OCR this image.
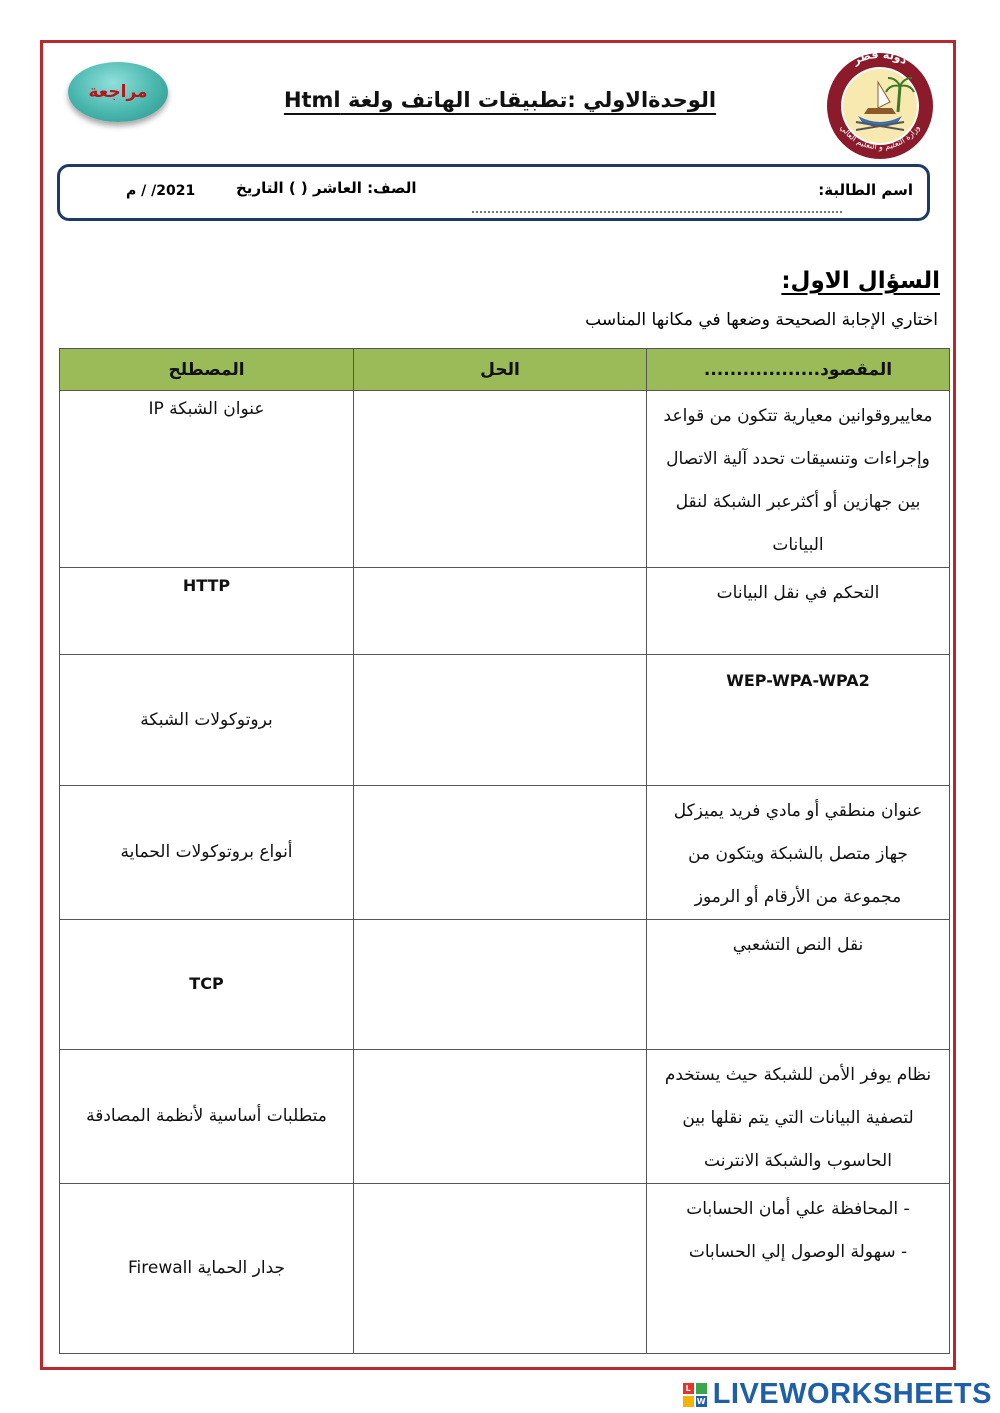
مراجعة	الوحدةالاولي :تطبيقات الهاتف ولغة Html
دولة قطر
وزارة التعليم و التعليم العالي
اسم الطالبة:
الصف: العاشر ( ) التاريخ
2021/ / م
السؤال الاول:
اختاري الإجابة الصحيحة وضعها في مكانها المناسب
المقصود..................	الحل	المصطلح
معاييروقوانين معيارية تتكون من قواعد وإجراءات وتنسيقات تحدد آلية الاتصال بين جهازين أو أكثرعبر الشبكة لنقل البيانات		عنوان الشبكة IP
التحكم في نقل البيانات		HTTP
WEP-WPA-WPA2		بروتوكولات الشبكة
عنوان منطقي أو مادي فريد يميزكل جهاز متصل بالشبكة ويتكون من مجموعة من الأرقام أو الرموز		أنواع بروتوكولات الحماية
نقل النص التشعبي		TCP
نظام يوفر الأمن للشبكة حيث يستخدم لتصفية البيانات التي يتم نقلها بين الحاسوب والشبكة الانترنت		متطلبات أساسية لأنظمة المصادقة

- المحافظة علي أمان الحسابات
- سهولة الوصول إلي الحسابات		جدار الحماية Firewall
L
W LIVEWORKSHEETS
